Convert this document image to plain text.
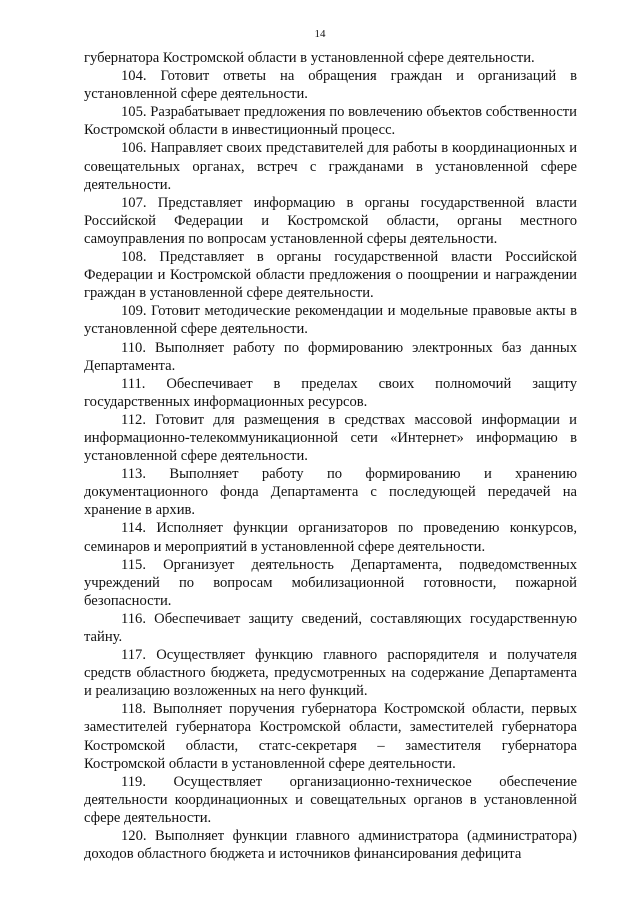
14

губернатора Костромской области в установленной сфере деятельности.

104. Готовит ответы на обращения граждан и организаций в установленной сфере деятельности.

105. Разрабатывает предложения по вовлечению объектов собственности Костромской области в инвестиционный процесс.

106. Направляет своих представителей для работы в координационных и совещательных органах, встреч с гражданами в установленной сфере деятельности.

107. Представляет информацию в органы государственной власти Российской Федерации и Костромской области, органы местного самоуправления по вопросам установленной сферы деятельности.

108. Представляет в органы государственной власти Российской Федерации и Костромской области предложения о поощрении и награждении граждан в установленной сфере деятельности.

109. Готовит методические рекомендации и модельные правовые акты в установленной сфере деятельности.

110. Выполняет работу по формированию электронных баз данных Департамента.

111. Обеспечивает в пределах своих полномочий защиту государственных информационных ресурсов.

112. Готовит для размещения в средствах массовой информации и информационно-телекоммуникационной сети «Интернет» информацию в установленной сфере деятельности.

113. Выполняет работу по формированию и хранению документационного фонда Департамента с последующей передачей на хранение в архив.

114. Исполняет функции организаторов по проведению конкурсов, семинаров и мероприятий в установленной сфере деятельности.

115. Организует деятельность Департамента, подведомственных учреждений по вопросам мобилизационной готовности, пожарной безопасности.

116. Обеспечивает защиту сведений, составляющих государственную тайну.

117. Осуществляет функцию главного распорядителя и получателя средств областного бюджета, предусмотренных на содержание Департамента и реализацию возложенных на него функций.

118. Выполняет поручения губернатора Костромской области, первых заместителей губернатора Костромской области, заместителей губернатора Костромской области, статс-секретаря – заместителя губернатора Костромской области в установленной сфере деятельности.

119. Осуществляет организационно-техническое обеспечение деятельности координационных и совещательных органов в установленной сфере деятельности.

120. Выполняет функции главного администратора (администратора) доходов областного бюджета и источников финансирования дефицита
